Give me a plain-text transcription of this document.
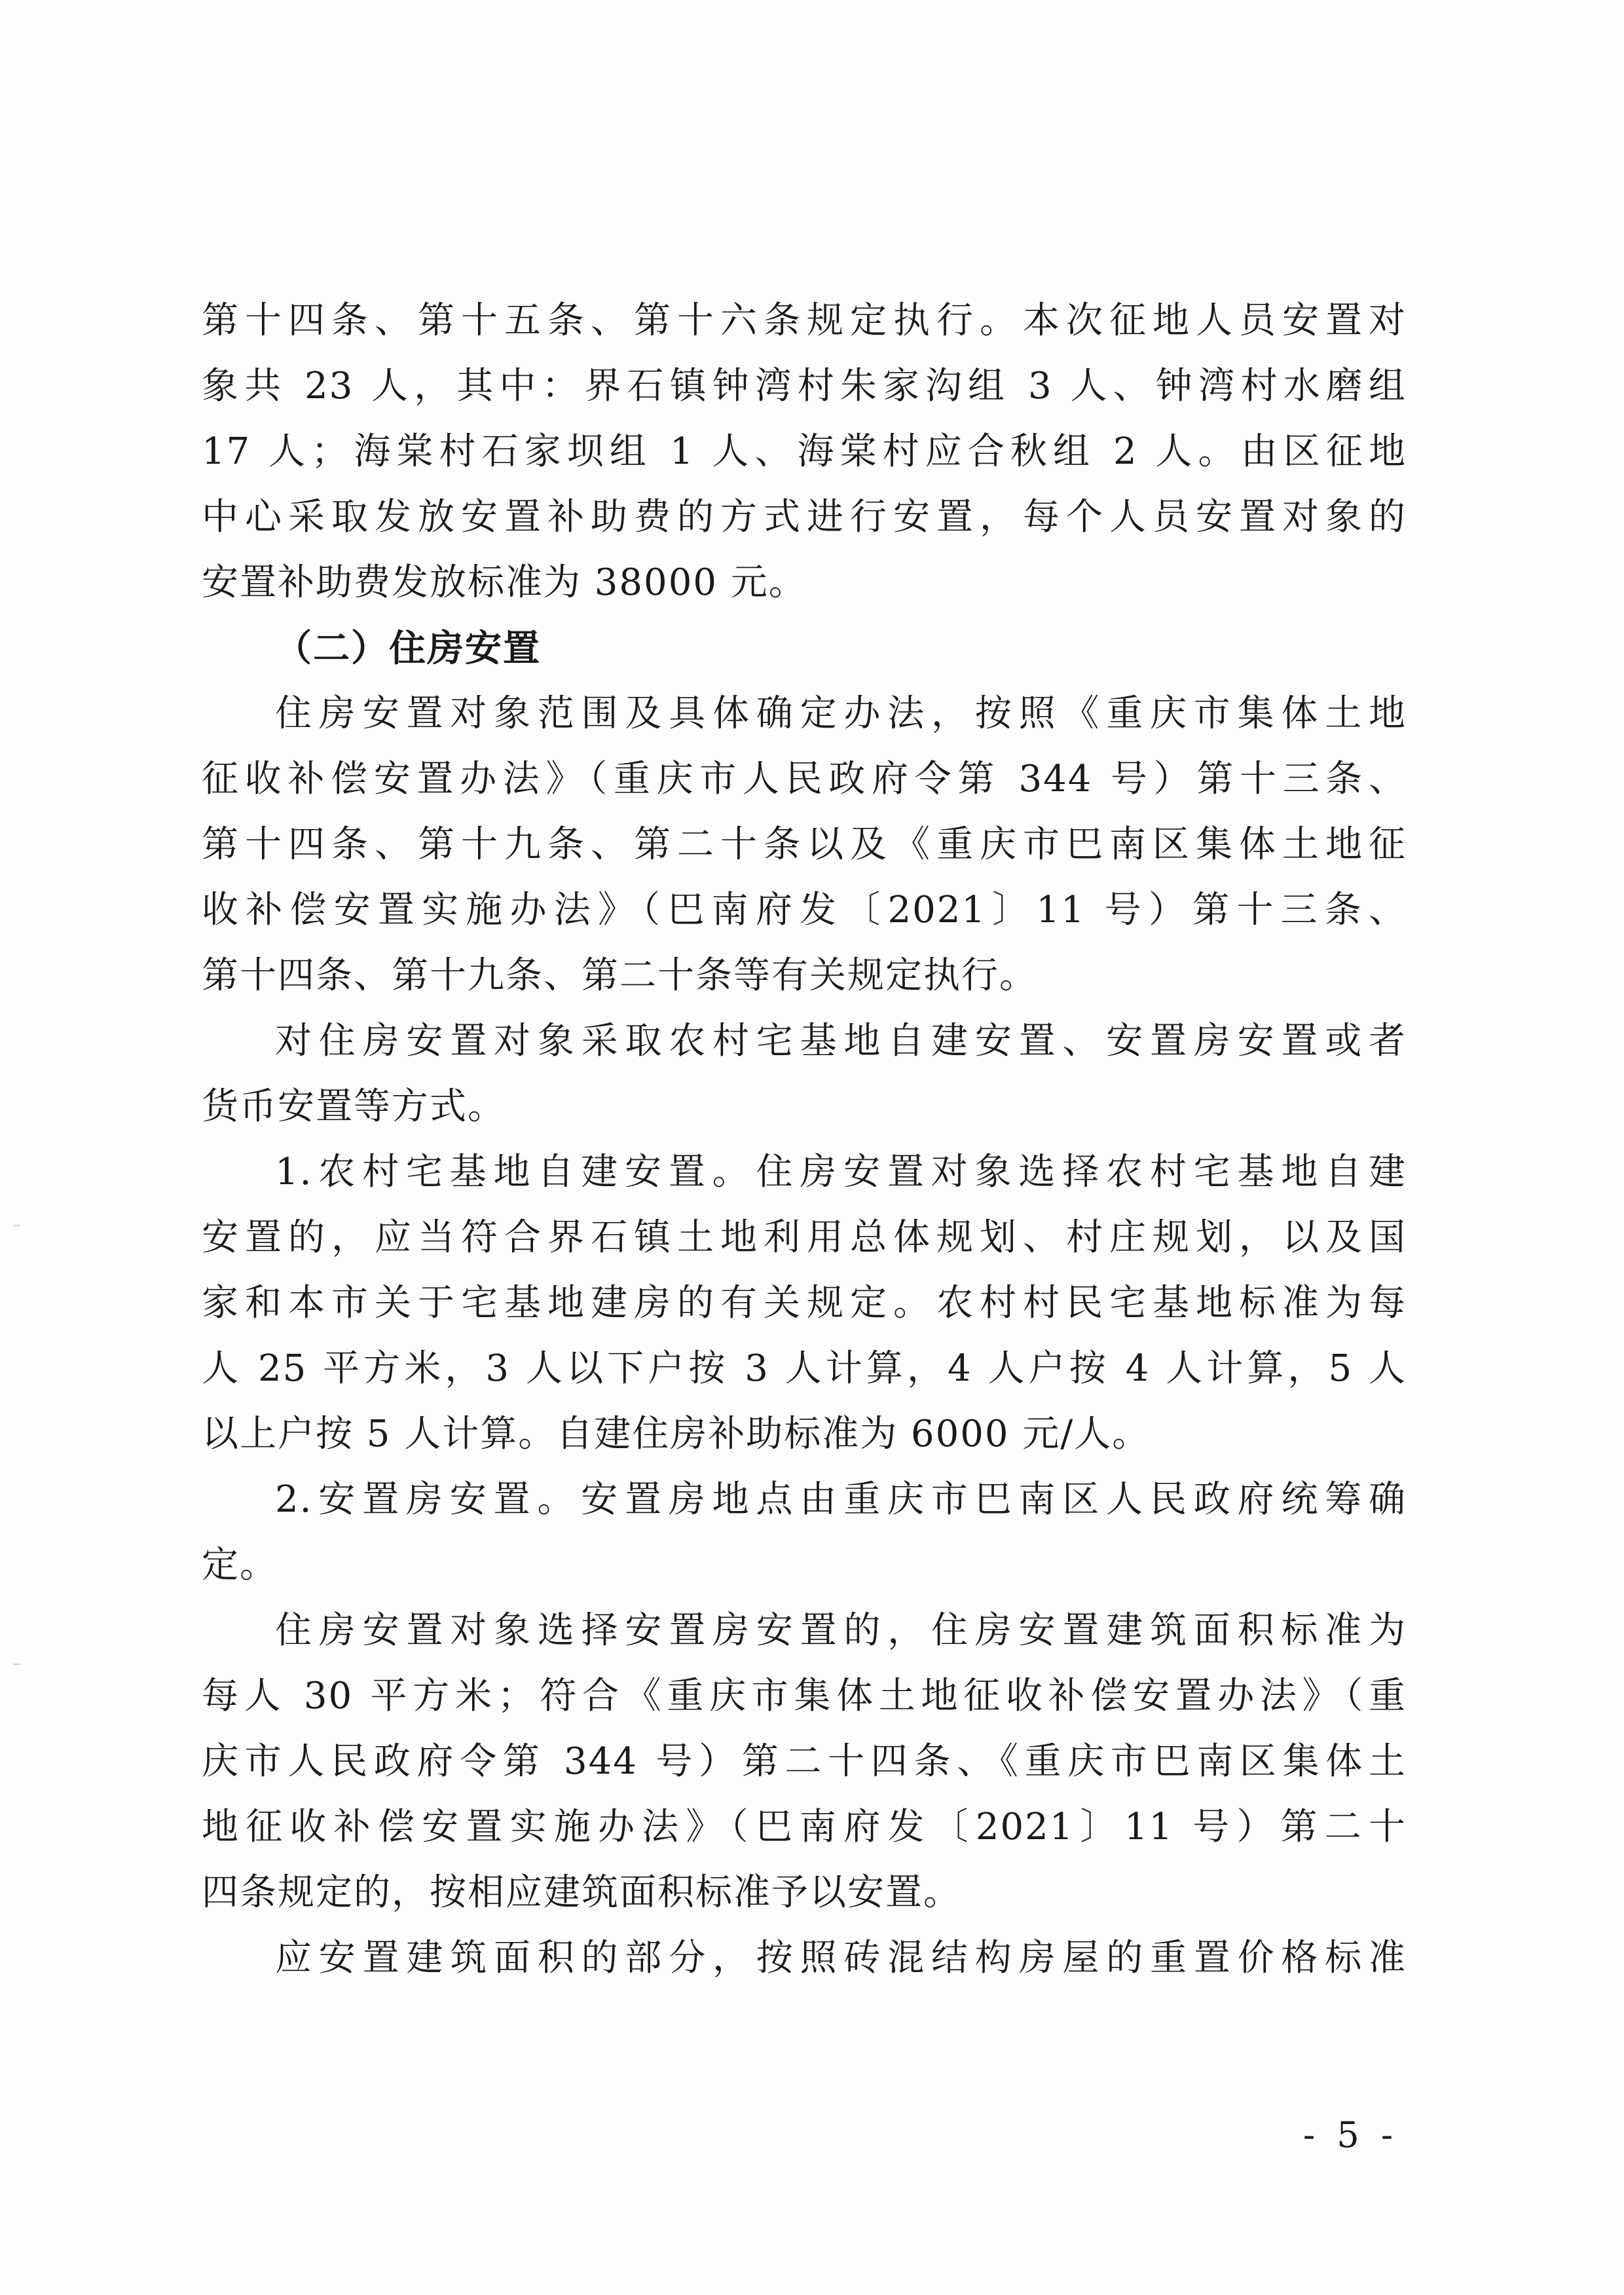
第十四条、第十五条、第十六条规定执行。本次征地人员安置对
象共 23 人，其中：界石镇钟湾村朱家沟组 3 人、钟湾村水磨组
17 人；海棠村石家坝组 1 人、海棠村应合秋组 2 人。由区征地
中心采取发放安置补助费的方式进行安置，每个人员安置对象的
安置补助费发放标准为 38000 元。
（二）住房安置
住房安置对象范围及具体确定办法，按照《重庆市集体土地
征收补偿安置办法》（重庆市人民政府令第 344 号）第十三条、
第十四条、第十九条、第二十条以及《重庆市巴南区集体土地征
收补偿安置实施办法》（巴南府发〔2021〕11 号）第十三条、
第十四条、第十九条、第二十条等有关规定执行。
对住房安置对象采取农村宅基地自建安置、安置房安置或者
货币安置等方式。
1.农村宅基地自建安置。住房安置对象选择农村宅基地自建
安置的，应当符合界石镇土地利用总体规划、村庄规划，以及国
家和本市关于宅基地建房的有关规定。农村村民宅基地标准为每
人 25 平方米，3 人以下户按 3 人计算，4 人户按 4 人计算，5 人
以上户按 5 人计算。自建住房补助标准为 6000 元/人。
2.安置房安置。安置房地点由重庆市巴南区人民政府统筹确
定。
住房安置对象选择安置房安置的，住房安置建筑面积标准为
每人 30 平方米；符合《重庆市集体土地征收补偿安置办法》（重
庆市人民政府令第 344 号）第二十四条、《重庆市巴南区集体土
地征收补偿安置实施办法》（巴南府发〔2021〕11 号）第二十
四条规定的，按相应建筑面积标准予以安置。
应安置建筑面积的部分，按照砖混结构房屋的重置价格标准
- 5 -
